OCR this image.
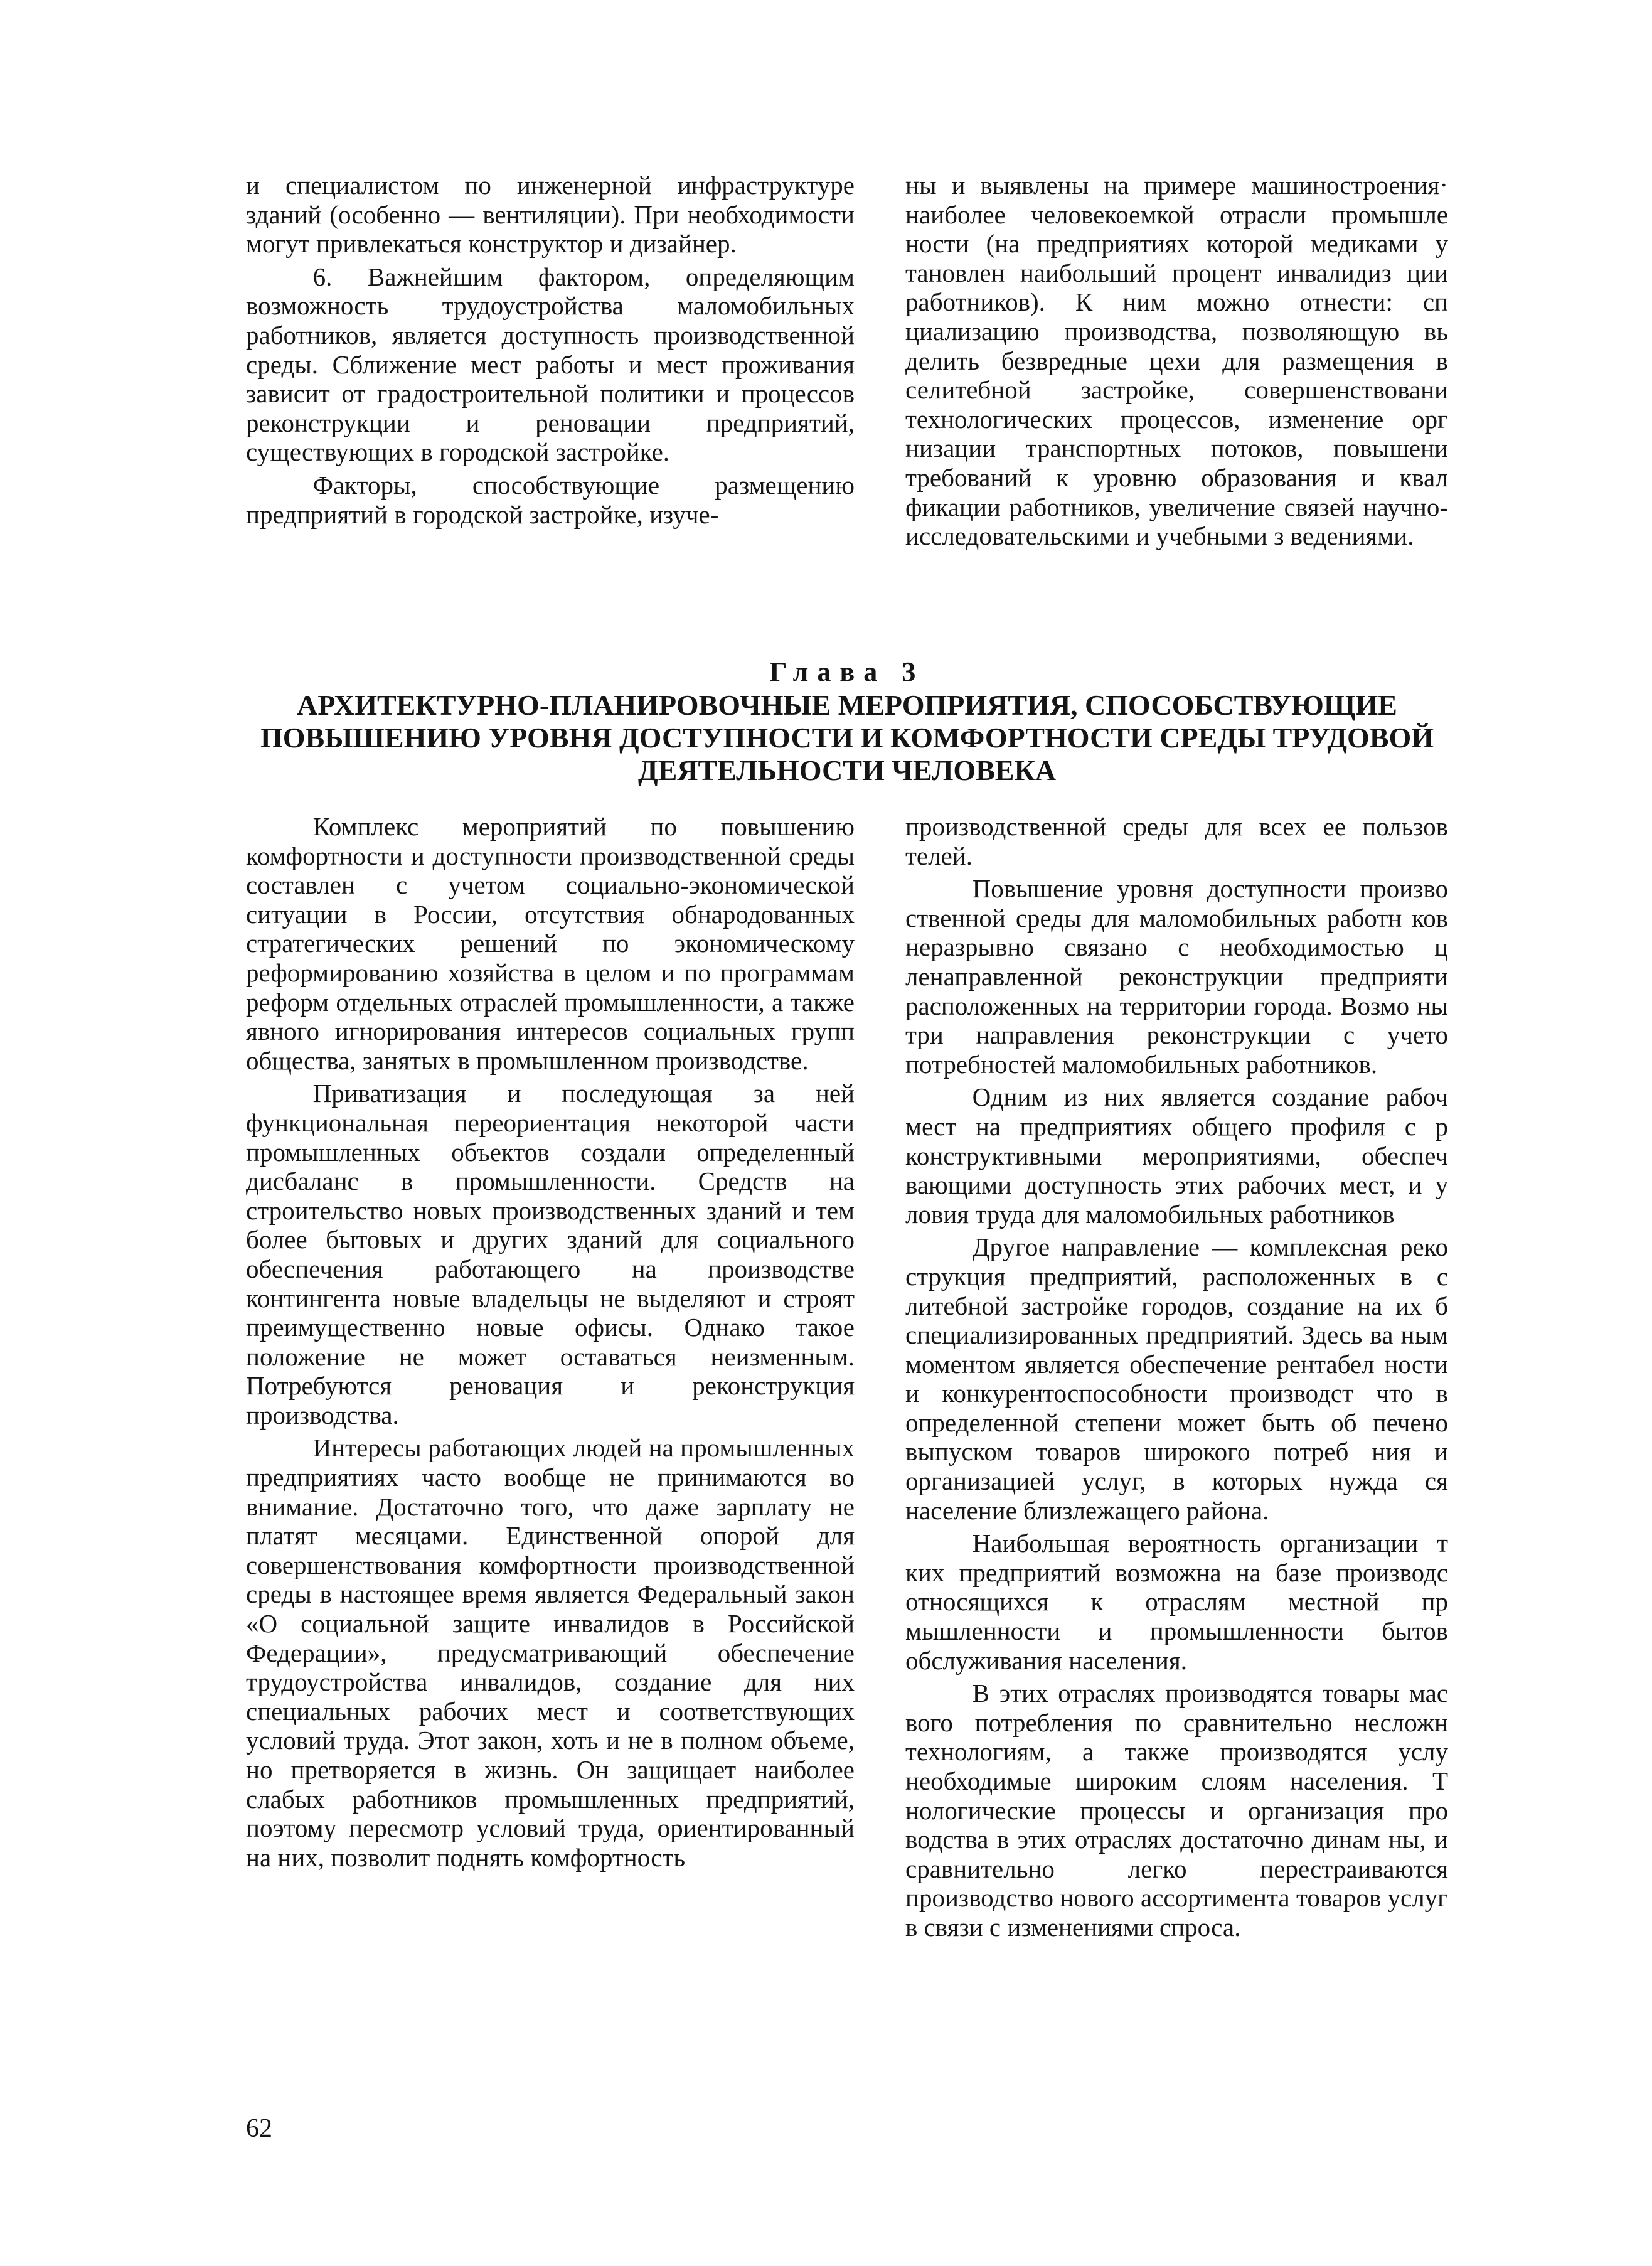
и специалистом по инженерной инфраструктуре зданий (особенно — вентиляции). При необходимости могут привлекаться конструктор и дизайнер.

6. Важнейшим фактором, определяющим возможность трудоустройства маломобильных работников, является доступность производственной среды. Сближение мест работы и мест проживания зависит от градостроительной политики и процессов реконструкции и реновации предприятий, существующих в городской застройке.

Факторы, способствующие размещению предприятий в городской застройке, изуче-

ны и выявлены на примере машиностроения· наиболее человекоемкой отрасли промышле ности (на предприятиях которой медиками у тановлен наибольший процент инвалидиз ции работников). К ним можно отнести: сп циализацию производства, позволяющую вь делить безвредные цехи для размещения в селитебной застройке, совершенствовани технологических процессов, изменение орг низации транспортных потоков, повышени требований к уровню образования и квал фикации работников, увеличение связей научно-исследовательскими и учебными з ведениями.

Глава 3
АРХИТЕКТУРНО-ПЛАНИРОВОЧНЫЕ МЕРОПРИЯТИЯ, СПОСОБСТВУЮЩИЕ ПОВЫШЕНИЮ УРОВНЯ ДОСТУПНОСТИ И КОМФОРТНОСТИ СРЕДЫ ТРУДОВОЙ ДЕЯТЕЛЬНОСТИ ЧЕЛОВЕКА

Комплекс мероприятий по повышению комфортности и доступности производственной среды составлен с учетом социально-экономической ситуации в России, отсутствия обнародованных стратегических решений по экономическому реформированию хозяйства в целом и по программам реформ отдельных отраслей промышленности, а также явного игнорирования интересов социальных групп общества, занятых в промышленном производстве.

Приватизация и последующая за ней функциональная переориентация некоторой части промышленных объектов создали определенный дисбаланс в промышленности. Средств на строительство новых производственных зданий и тем более бытовых и других зданий для социального обеспечения работающего на производстве контингента новые владельцы не выделяют и строят преимущественно новые офисы. Однако такое положение не может оставаться неизменным. Потребуются реновация и реконструкция производства.

Интересы работающих людей на промышленных предприятиях часто вообще не принимаются во внимание. Достаточно того, что даже зарплату не платят месяцами. Единственной опорой для совершенствования комфортности производственной среды в настоящее время является Федеральный закон «О социальной защите инвалидов в Российской Федерации», предусматривающий обеспечение трудоустройства инвалидов, создание для них специальных рабочих мест и соответствующих условий труда. Этот закон, хоть и не в полном объеме, но претворяется в жизнь. Он защищает наиболее слабых работников промышленных предприятий, поэтому пересмотр условий труда, ориентированный на них, позволит поднять комфортность

производственной среды для всех ее пользов телей.

Повышение уровня доступности произво ственной среды для маломобильных работн ков неразрывно связано с необходимостью ц ленаправленной реконструкции предприяти расположенных на территории города. Возмо ны три направления реконструкции с учето потребностей маломобильных работников.

Одним из них является создание рабоч мест на предприятиях общего профиля с р конструктивными мероприятиями, обеспеч вающими доступность этих рабочих мест, и у ловия труда для маломобильных работников

Другое направление — комплексная реко струкция предприятий, расположенных в с литебной застройке городов, создание на их б специализированных предприятий. Здесь ва ным моментом является обеспечение рентабел ности и конкурентоспособности производст что в определенной степени может быть об печено выпуском товаров широкого потреб ния и организацией услуг, в которых нужда ся население близлежащего района.

Наибольшая вероятность организации т ких предприятий возможна на базе производс относящихся к отраслям местной пр мышленности и промышленности бытов обслуживания населения.

В этих отраслях производятся товары мас вого потребления по сравнительно несложн технологиям, а также производятся услу необходимые широким слоям населения. Т нологические процессы и организация про водства в этих отраслях достаточно динам ны, и сравнительно легко перестраиваются производство нового ассортимента товаров услуг в связи с изменениями спроса.

62
